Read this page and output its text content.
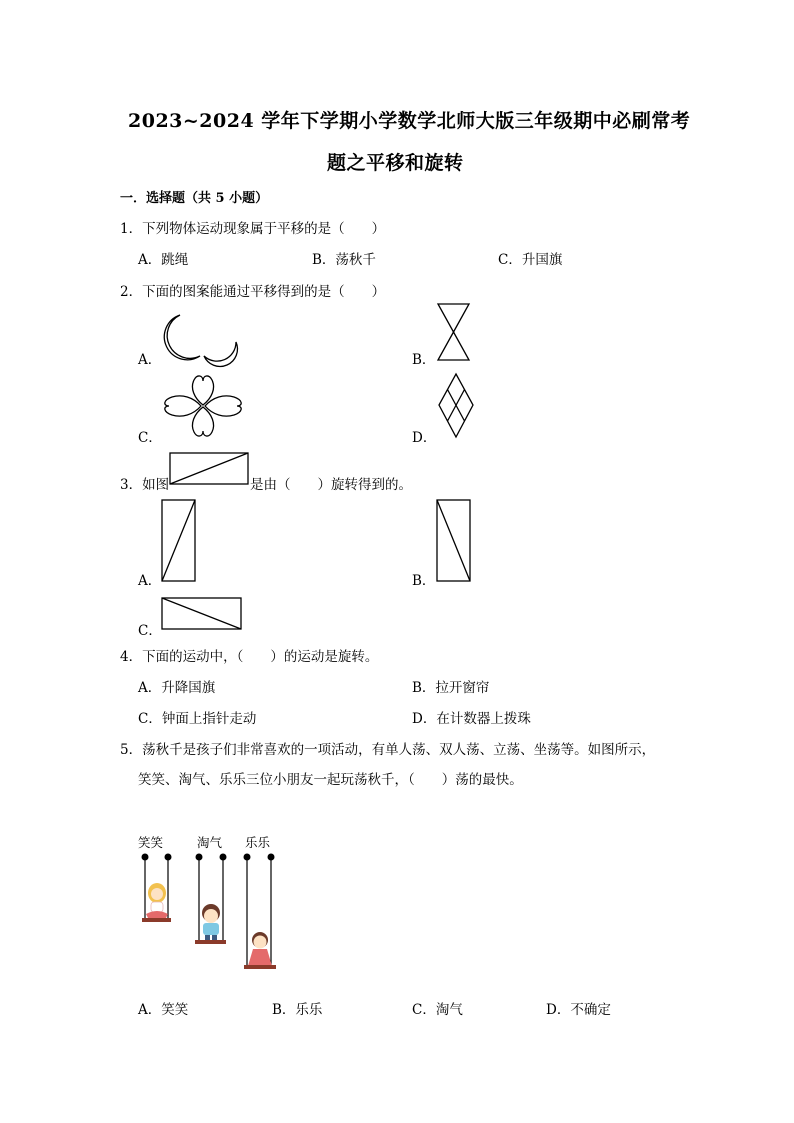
2023~2024 学年下学期小学数学北师大版三年级期中必刷常考
题之平移和旋转
一．选择题（共 5 小题）
1．下列物体运动现象属于平移的是（　　）
A．跳绳	B．荡秋千	C．升国旗
2．下面的图案能通过平移得到的是（　　）
A．	B．
C．	D．
3．如图	是由（　　）旋转得到的。
A．	B．
C．
4．下面的运动中，（　　）的运动是旋转。
A．升降国旗	B．拉开窗帘
C．钟面上指针走动	D．在计数器上拨珠
5．荡秋千是孩子们非常喜欢的一项活动，有单人荡、双人荡、立荡、坐荡等。如图所示，
笑笑、淘气、乐乐三位小朋友一起玩荡秋千，（　　）荡的最快。
笑笑	淘气 乐乐
A．笑笑	B．乐乐	C．淘气	D．不确定
